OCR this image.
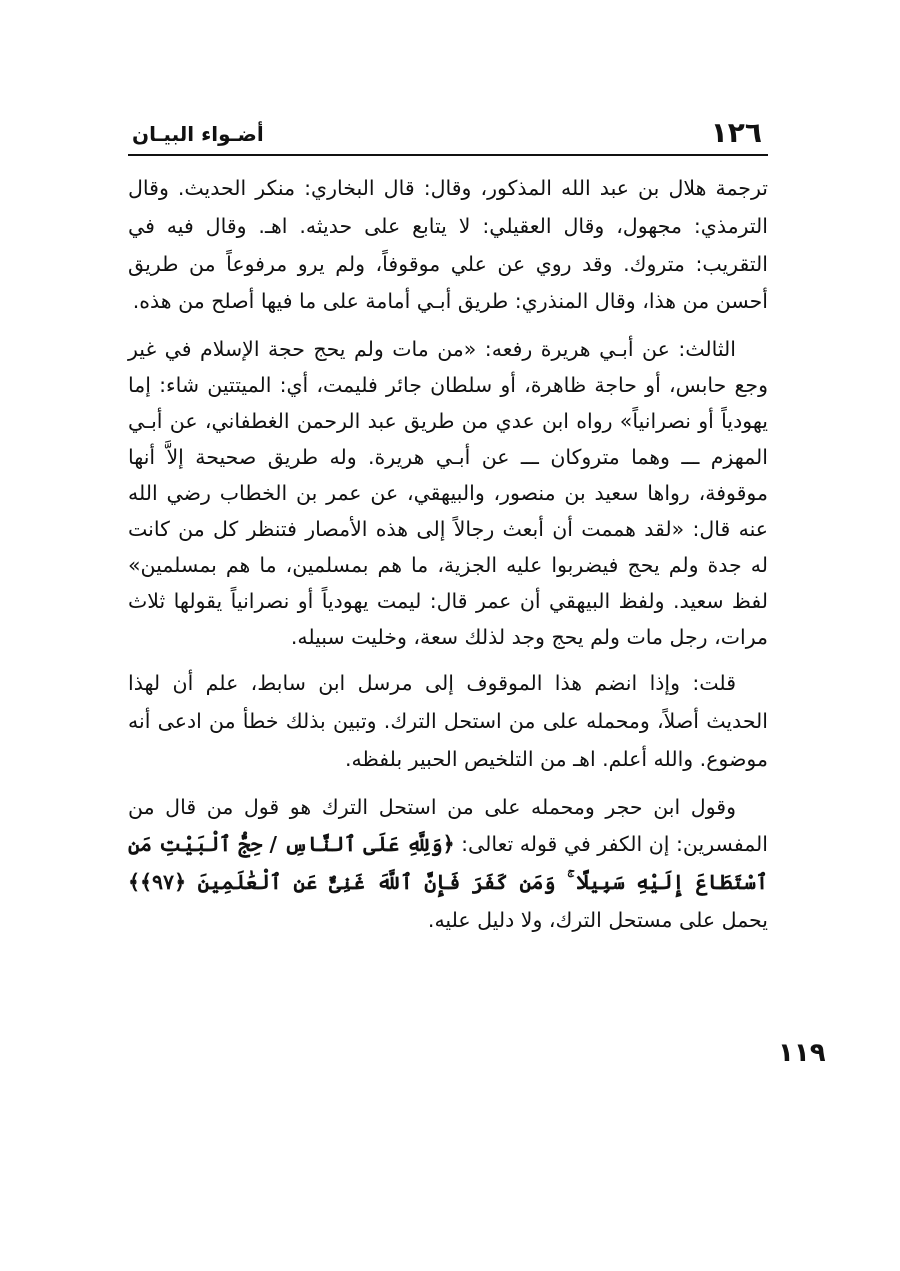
١٢٦
أضـواء البيـان

ترجمة هلال بن عبد الله المذكور، وقال: قال البخاري: منكر الحديث. وقال الترمذي: مجهول، وقال العقيلي: لا يتابع على حديثه. اهـ. وقال فيه في التقريب: متروك. وقد روي عن علي موقوفاً، ولم يرو مرفوعاً من طريق أحسن من هذا، وقال المنذري: طريق أبـي أمامة على ما فيها أصلح من هذه.

الثالث: عن أبـي هريرة رفعه: «من مات ولم يحج حجة الإسلام في غير وجع حابس، أو حاجة ظاهرة، أو سلطان جائر فليمت، أي: الميتتين شاء: إما يهودياً أو نصرانياً» رواه ابن عدي من طريق عبد الرحمن الغطفاني، عن أبـي المهزم ـــ وهما متروكان ـــ عن أبـي هريرة. وله طريق صحيحة إلاَّ أنها موقوفة، رواها سعيد بن منصور، والبيهقي، عن عمر بن الخطاب رضي الله عنه قال: «لقد هممت أن أبعث رجالاً إلى هذه الأمصار فتنظر كل من كانت له جدة ولم يحج فيضربوا عليه الجزية، ما هم بمسلمين، ما هم بمسلمين» لفظ سعيد. ولفظ البيهقي أن عمر قال: ليمت يهودياً أو نصرانياً يقولها ثلاث مرات، رجل مات ولم يحج وجد لذلك سعة، وخليت سبيله.

قلت: وإذا انضم هذا الموقوف إلى مرسل ابن سابط، علم أن لهذا الحديث أصلاً، ومحمله على من استحل الترك. وتبين بذلك خطأ من ادعى أنه موضوع. والله أعلم. اهـ من التلخيص الحبير بلفظه.

وقول ابن حجر ومحمله على من استحل الترك هو قول من قال من المفسرين: إن الكفر في قوله تعالى: ﴿وَلِلَّهِ عَلَى ٱلنَّاسِ / حِجُّ ٱلْبَيْتِ مَنِ ٱسْتَطَاعَ إِلَيْهِ سَبِيلًا ۚ وَمَن كَفَرَ فَإِنَّ ٱللَّهَ غَنِىٌّ عَنِ ٱلْعَٰلَمِينَ ﴿٩٧﴾﴾ يحمل على مستحل الترك، ولا دليل عليه.

١١٩
